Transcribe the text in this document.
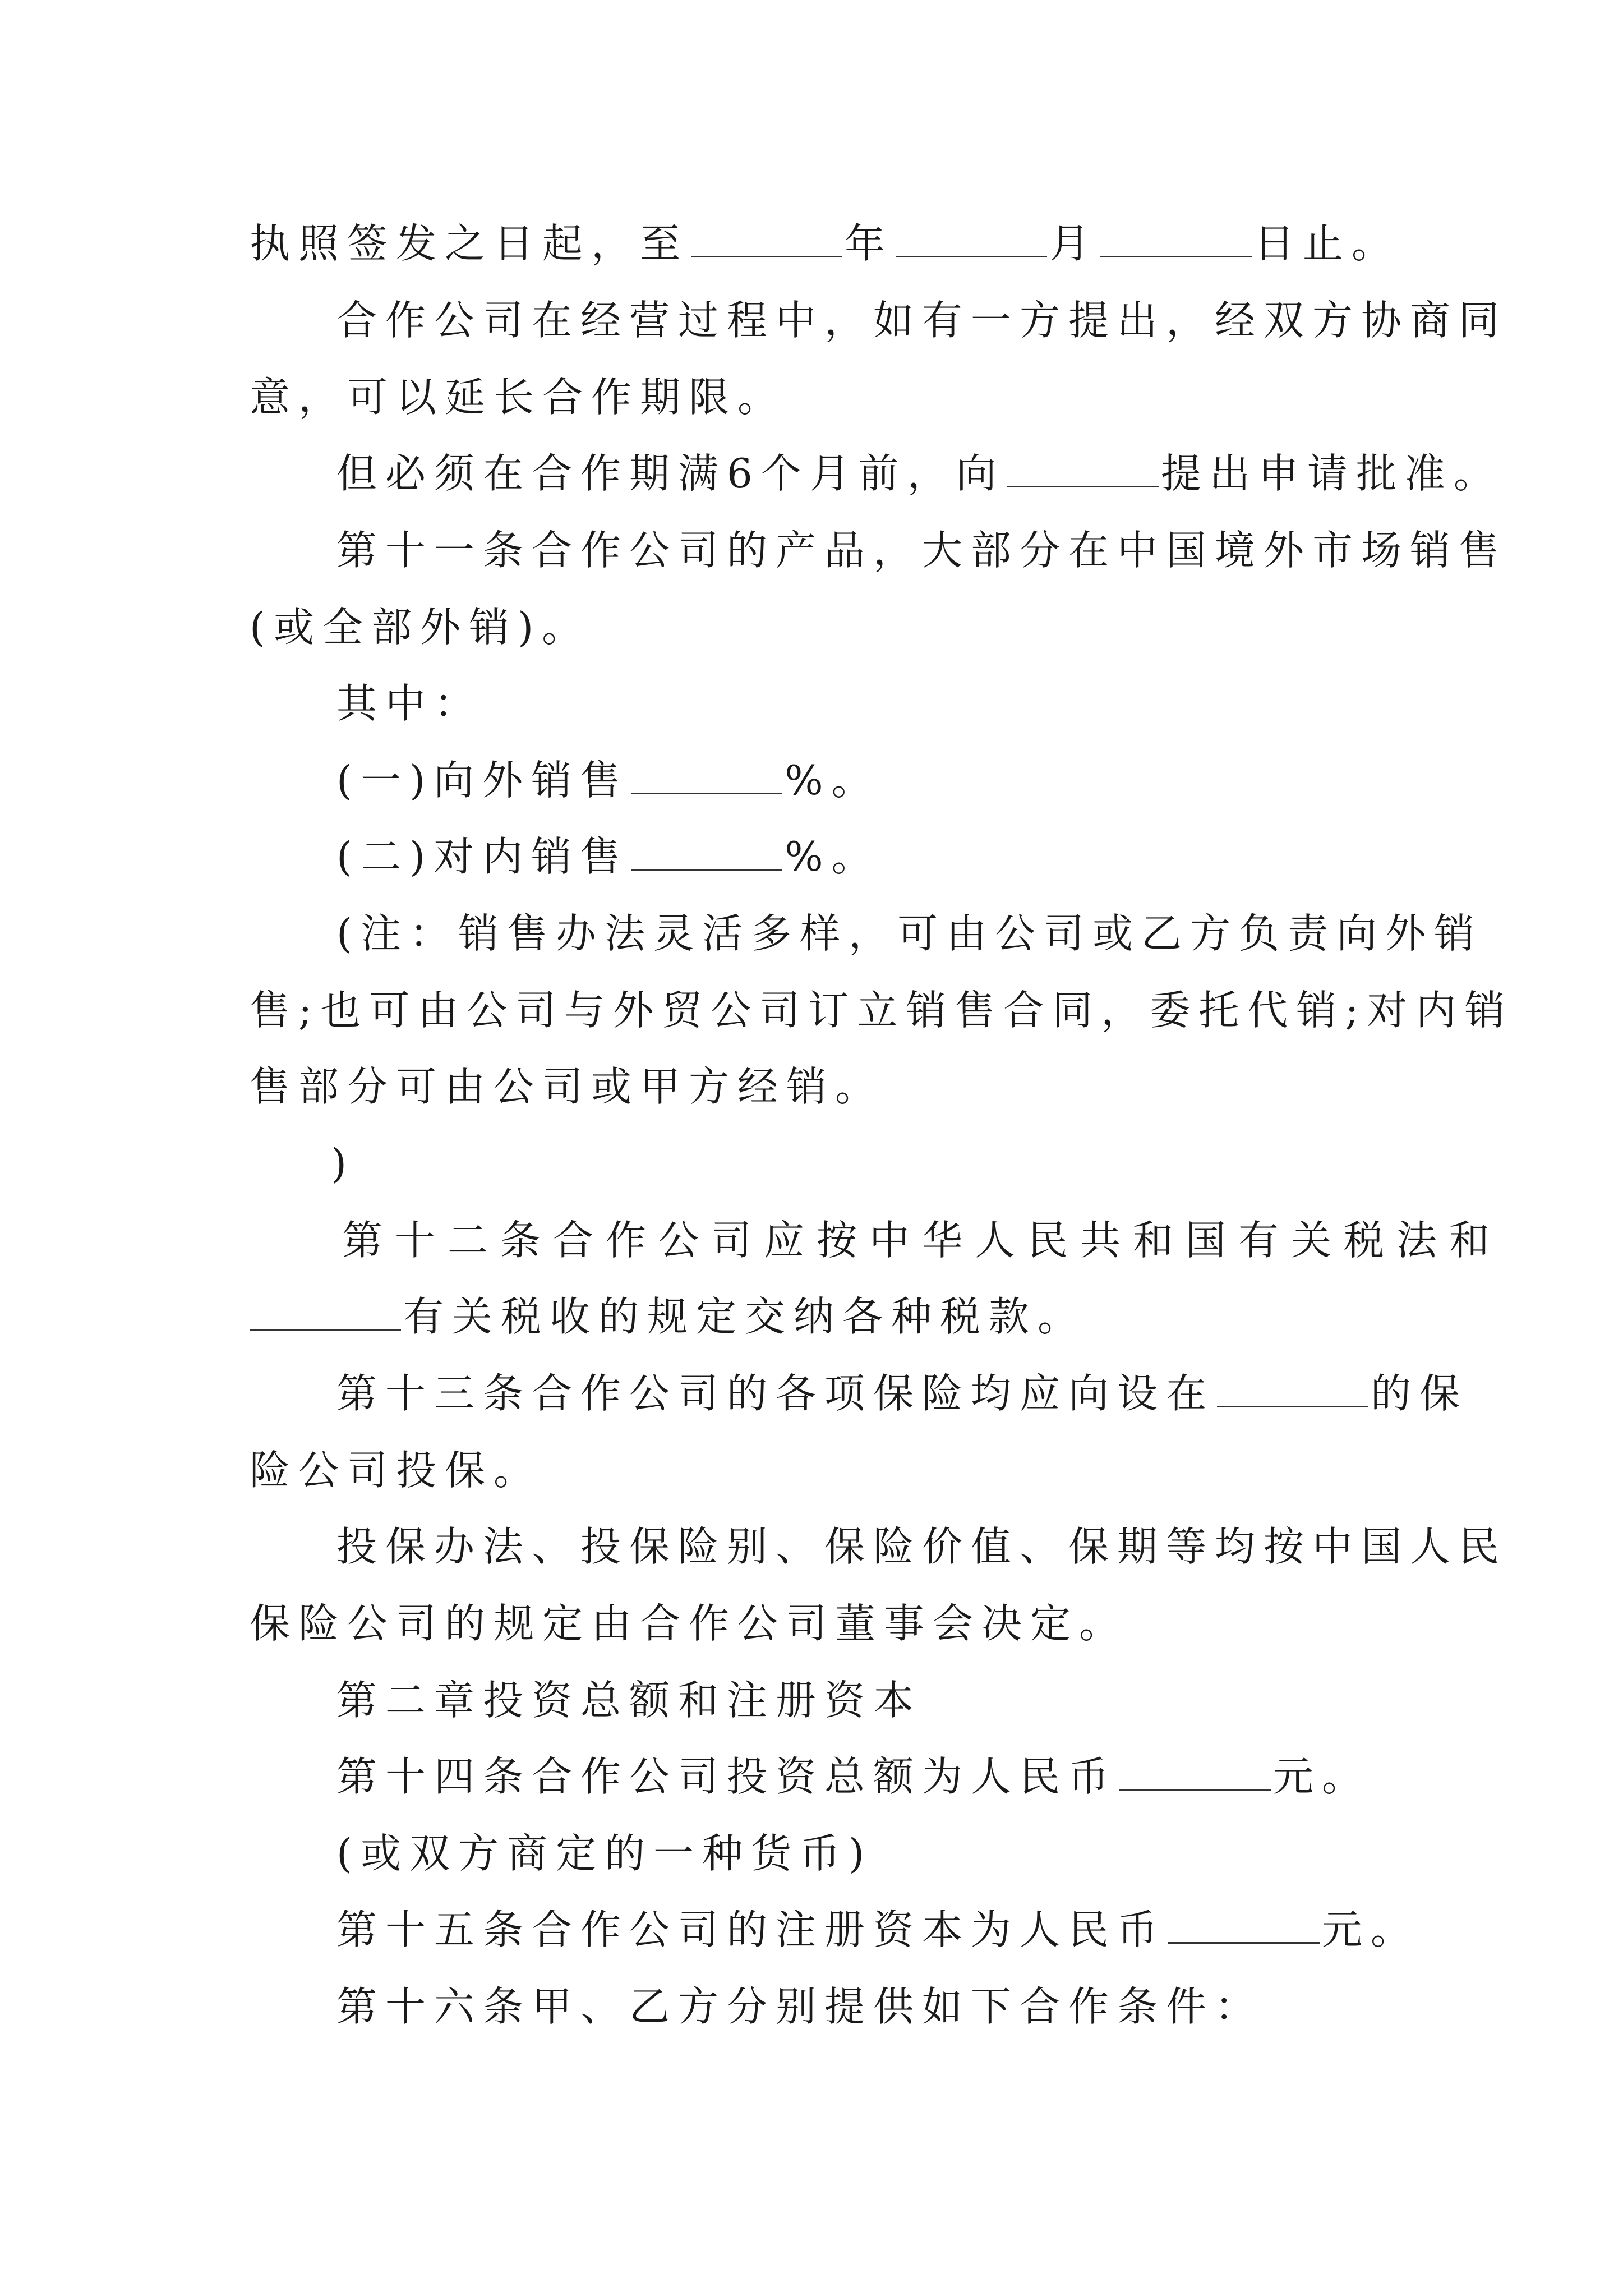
执照签发之日起，至	年	月	日止。
合作公司在经营过程中，如有一方提出，经双方协商同
意，可以延长合作期限。
但必须在合作期满6个月前，向	提出申请批准。
第十一条合作公司的产品，大部分在中国境外市场销售
(或全部外销)。
其中：
(一)向外销售	%。
(二)对内销售	%。
(注：销售办法灵活多样，可由公司或乙方负责向外销
售;也可由公司与外贸公司订立销售合同，委托代销;对内销
售部分可由公司或甲方经销。
)
第十二条合作公司应按中华人民共和国有关税法和
有关税收的规定交纳各种税款。
第十三条合作公司的各项保险均应向设在	的保
险公司投保。
投保办法、投保险别、保险价值、保期等均按中国人民
保险公司的规定由合作公司董事会决定。
第二章投资总额和注册资本
第十四条合作公司投资总额为人民币	元。
(或双方商定的一种货币)
第十五条合作公司的注册资本为人民币	元。
第十六条甲、乙方分别提供如下合作条件：
